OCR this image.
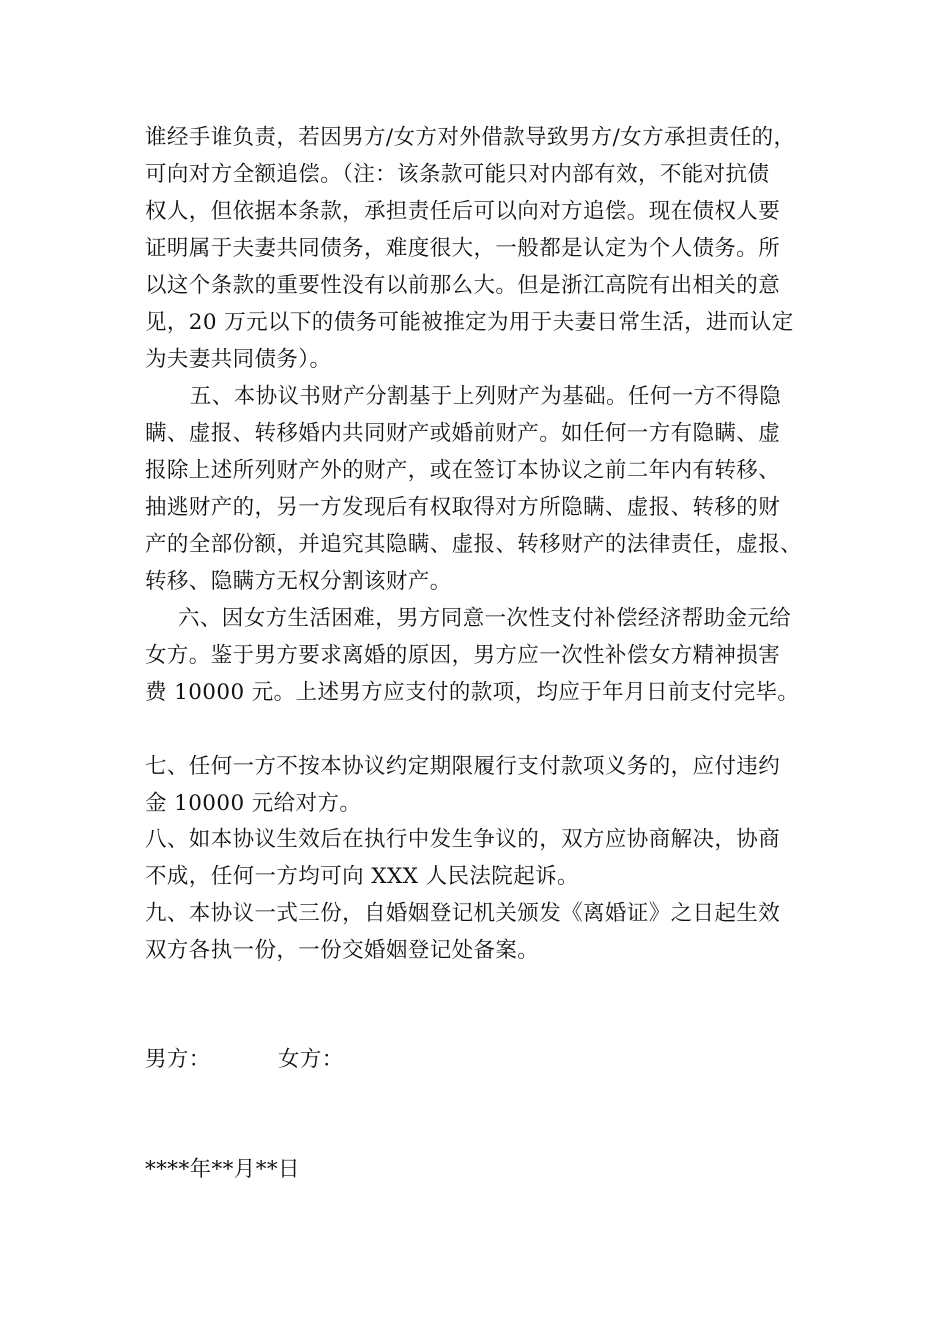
谁经手谁负责，若因男方/女方对外借款导致男方/女方承担责任的，
可向对方全额追偿。（注：该条款可能只对内部有效，不能对抗债
权人，但依据本条款，承担责任后可以向对方追偿。现在债权人要
证明属于夫妻共同债务，难度很大，一般都是认定为个人债务。所
以这个条款的重要性没有以前那么大。但是浙江高院有出相关的意
见，20 万元以下的债务可能被推定为用于夫妻日常生活，进而认定
为夫妻共同债务）。
　五、本协议书财产分割基于上列财产为基础。任何一方不得隐
瞒、虚报、转移婚内共同财产或婚前财产。如任何一方有隐瞒、虚
报除上述所列财产外的财产，或在签订本协议之前二年内有转移、
抽逃财产的，另一方发现后有权取得对方所隐瞒、虚报、转移的财
产的全部份额，并追究其隐瞒、虚报、转移财产的法律责任，虚报、
转移、隐瞒方无权分割该财产。
六、因女方生活困难，男方同意一次性支付补偿经济帮助金元给
女方。鉴于男方要求离婚的原因，男方应一次性补偿女方精神损害
费 10000 元。上述男方应支付的款项，均应于年月日前支付完毕。
七、任何一方不按本协议约定期限履行支付款项义务的，应付违约
金 10000 元给对方。
八、如本协议生效后在执行中发生争议的，双方应协商解决，协商
不成，任何一方均可向 XXX 人民法院起诉。
九、本协议一式三份，自婚姻登记机关颁发《离婚证》之日起生效
双方各执一份，一份交婚姻登记处备案。
男方：	女方：
****年**月**日
